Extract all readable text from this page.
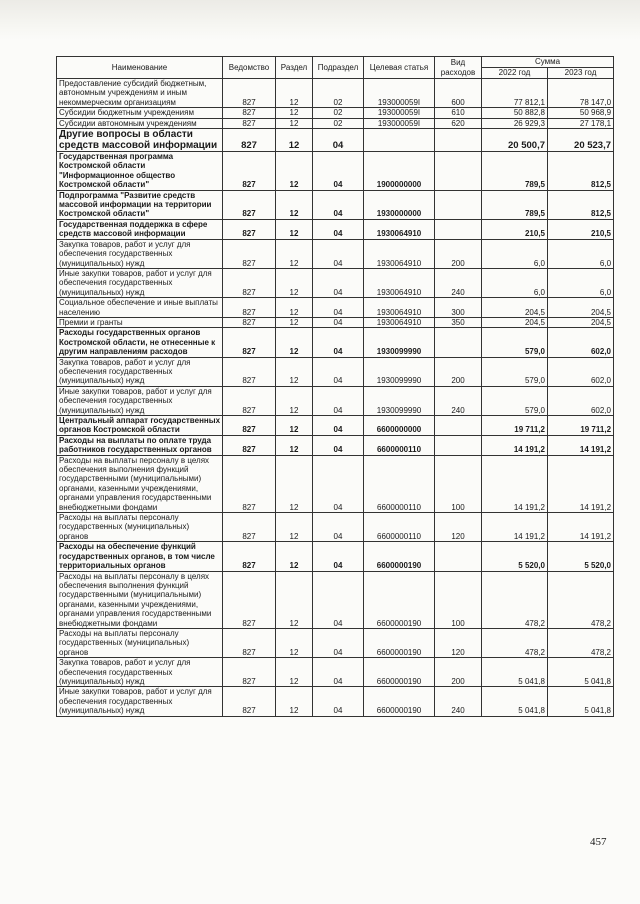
Наименование	Ведомство	Раздел	Подраздел	Целевая статья	Вид расходов	Сумма	
						2022 год	2023 год
Предоставление субсидий бюджетным, автономным учреждениям и иным некоммерческим организациям	827	12	02	193000059I	600	77 812,1	78 147,0
Субсидии бюджетным учреждениям	827	12	02	193000059I	610	50 882,8	50 968,9
Субсидии автономным учреждениям	827	12	02	193000059I	620	26 929,3	27 178,1
Другие вопросы в области средств массовой информации	827	12	04			20 500,7	20 523,7
Государственная программа Костромской области "Информационное общество Костромской области"	827	12	04	1900000000		789,5	812,5
Подпрограмма "Развитие средств массовой информации на территории Костромской области"	827	12	04	1930000000		789,5	812,5
Государственная поддержка в сфере средств массовой информации	827	12	04	1930064910		210,5	210,5
Закупка товаров, работ и услуг для обеспечения государственных (муниципальных) нужд	827	12	04	1930064910	200	6,0	6,0
Иные закупки товаров, работ и услуг для обеспечения государственных (муниципальных) нужд	827	12	04	1930064910	240	6,0	6,0
Социальное обеспечение и иные выплаты населению	827	12	04	1930064910	300	204,5	204,5
Премии и гранты	827	12	04	1930064910	350	204,5	204,5
Расходы государственных органов Костромской области, не отнесенные к другим направлениям расходов	827	12	04	1930099990		579,0	602,0
Закупка товаров, работ и услуг для обеспечения государственных (муниципальных) нужд	827	12	04	1930099990	200	579,0	602,0
Иные закупки товаров, работ и услуг для обеспечения государственных (муниципальных) нужд	827	12	04	1930099990	240	579,0	602,0
Центральный аппарат государственных органов Костромской области	827	12	04	6600000000		19 711,2	19 711,2
Расходы на выплаты по оплате труда работников государственных органов	827	12	04	6600000110		14 191,2	14 191,2
Расходы на выплаты персоналу в целях обеспечения выполнения функций государственными (муниципальными) органами, казенными учреждениями, органами управления государственными внебюджетными фондами	827	12	04	6600000110	100	14 191,2	14 191,2
Расходы на выплаты персоналу государственных (муниципальных) органов	827	12	04	6600000110	120	14 191,2	14 191,2
Расходы на обеспечение функций государственных органов, в том числе территориальных органов	827	12	04	6600000190		5 520,0	5 520,0
Расходы на выплаты персоналу в целях обеспечения выполнения функций государственными (муниципальными) органами, казенными учреждениями, органами управления государственными внебюджетными фондами	827	12	04	6600000190	100	478,2	478,2
Расходы на выплаты персоналу государственных (муниципальных) органов	827	12	04	6600000190	120	478,2	478,2
Закупка товаров, работ и услуг для обеспечения государственных (муниципальных) нужд	827	12	04	6600000190	200	5 041,8	5 041,8
Иные закупки товаров, работ и услуг для обеспечения государственных (муниципальных) нужд	827	12	04	6600000190	240	5 041,8	5 041,8
457
